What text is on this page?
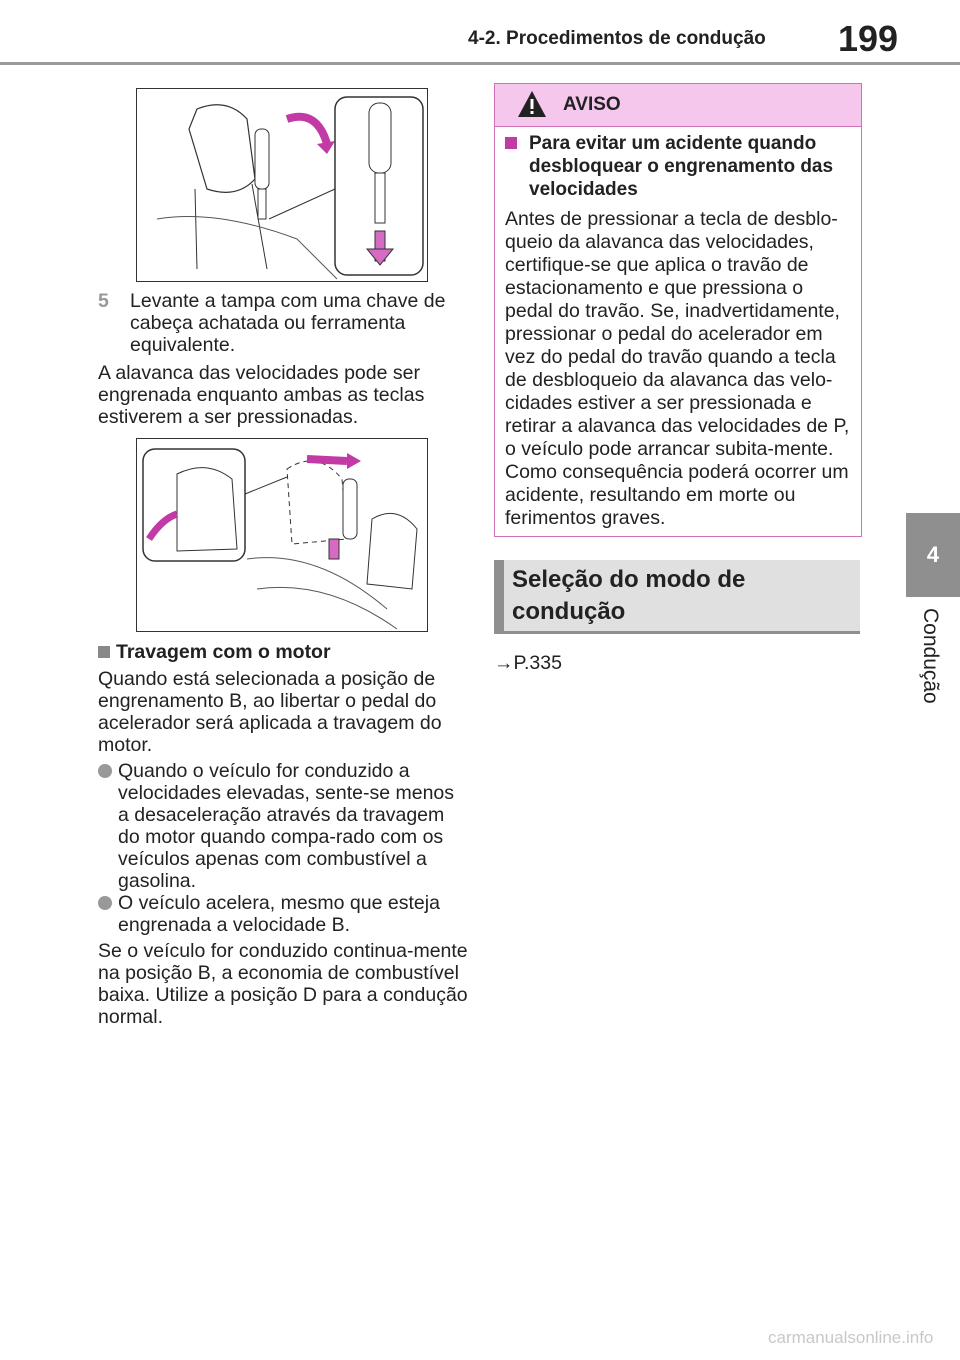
4-2. Procedimentos de condução 199
4
Condução
5 Levante a tampa com uma chave de cabeça achatada ou ferramenta equivalente.
A alavanca das velocidades pode ser engrenada enquanto ambas as teclas estiverem a ser pressionadas.
Travagem com o motor
Quando está selecionada a posição de engrenamento B, ao libertar o pedal do acelerador será aplicada a travagem do motor.
Quando o veículo for conduzido a velocidades elevadas, sente-se menos a desaceleração através da travagem do motor quando compa-rado com os veículos apenas com combustível a gasolina.
O veículo acelera, mesmo que esteja engrenada a velocidade B.
Se o veículo for conduzido continua-mente na posição B, a economia de combustível baixa. Utilize a posição D para a condução normal.
AVISO
Para evitar um acidente quando desbloquear o engrenamento das velocidades
Antes de pressionar a tecla de desblo-queio da alavanca das velocidades, certifique-se que aplica o travão de estacionamento e que pressiona o pedal do travão. Se, inadvertidamente, pressionar o pedal do acelerador em vez do pedal do travão quando a tecla de desbloqueio da alavanca das velo-cidades estiver a ser pressionada e retirar a alavanca das velocidades de P, o veículo pode arrancar subita-mente. Como consequência poderá ocorrer um acidente, resultando em morte ou ferimentos graves.
Seleção do modo de condução
→P.335
carmanualsonline.info
